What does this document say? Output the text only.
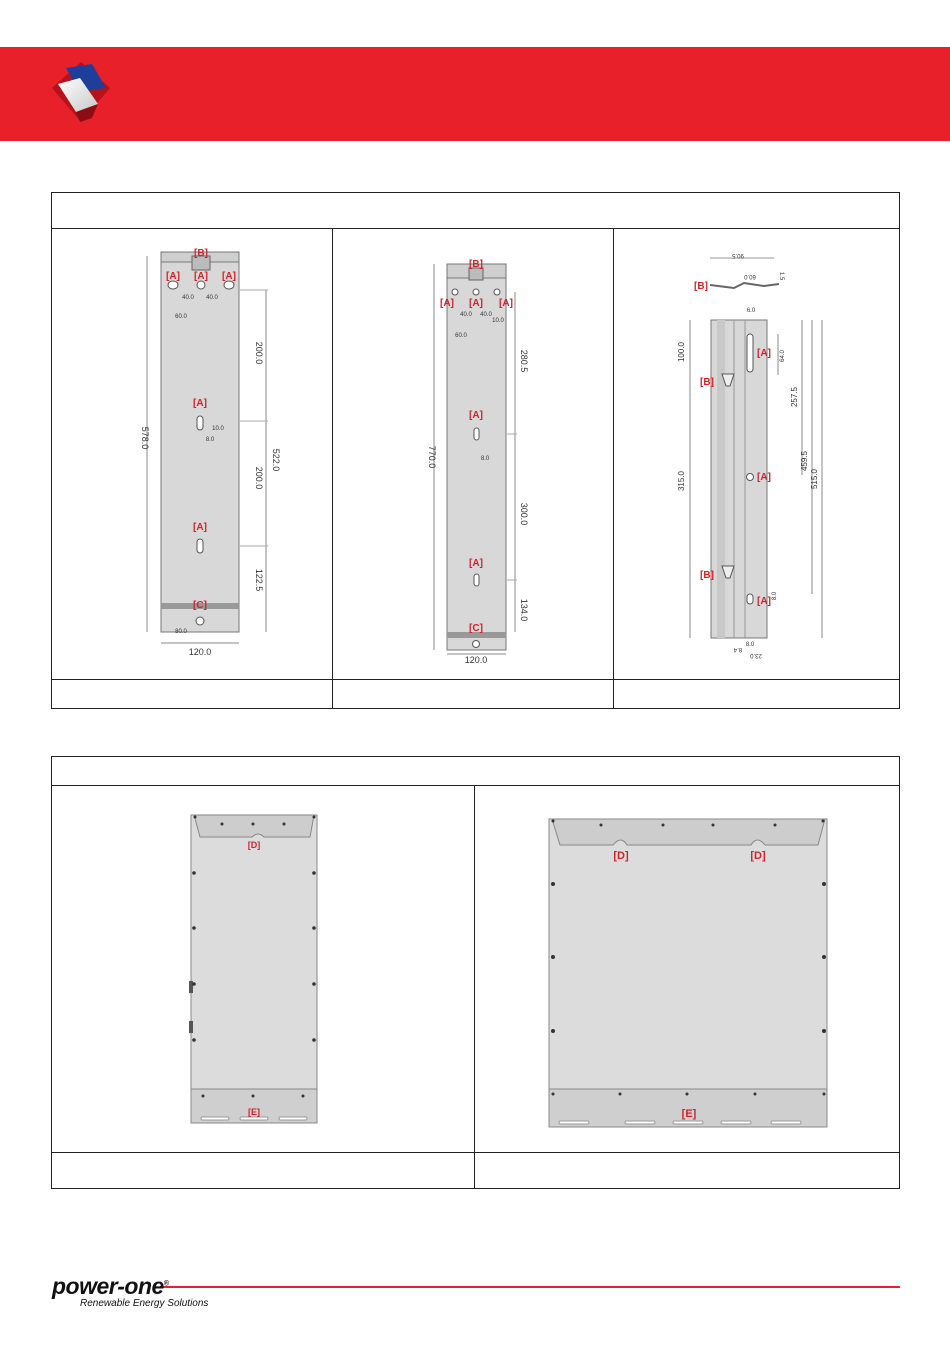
[B]
[A] [A] [A]
[A]
[A]
[C]
40.0 40.0
60.0
8.0
10.0
80.0
120.0
578.0
200.0
200.0
122.5
522.0
[B]
[A] [A] [A]
[A]
[A]
[C]
40.0 40.0
10.0
60.0
8.0
120.0
770.0
280.5
300.0
134.0
90.5
60.0	1.5
[B]
[A]
[B]
[A]
[B]
[A]
6.0
100.0
315.0
64.0
257.5
459.5
515.0
8.0
8.0
8.4
23.0
[D]
[E]
[D]	[D]
[E]
power-one®
Renewable Energy Solutions
